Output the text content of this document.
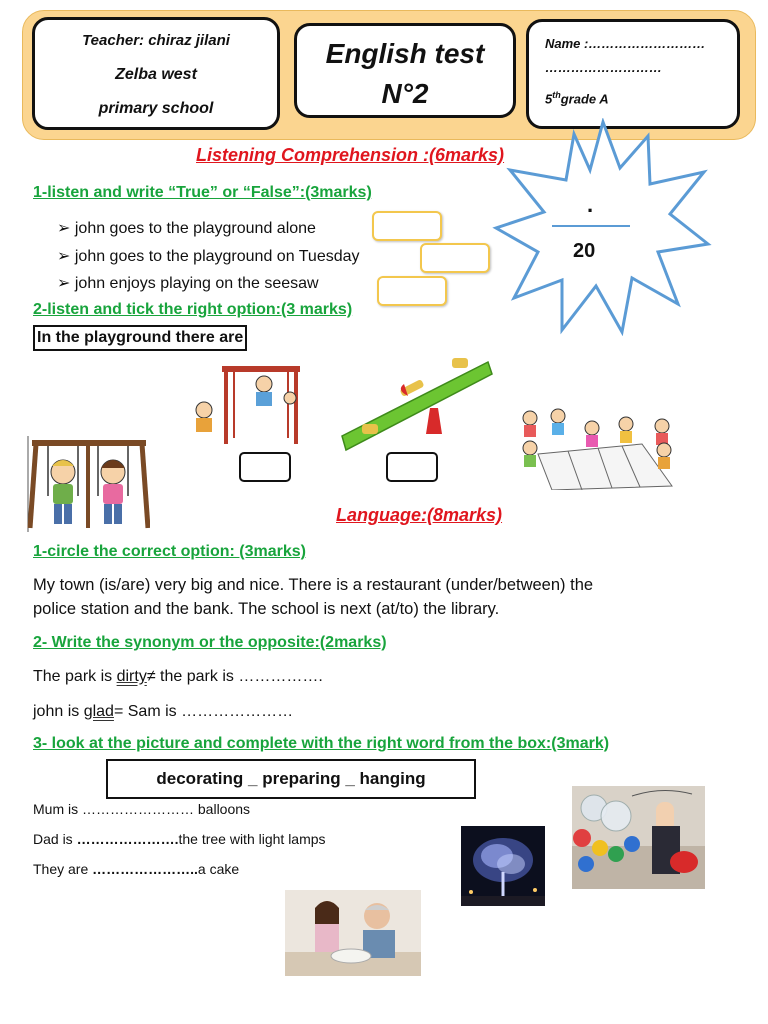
Teacher: chiraz jilani
Zelba west
primary school
English test
N°2
Name :………………………
………………………
5thgrade A
.
20
Listening Comprehension :(6marks)
1-listen and write “True” or “False”:(3marks)
➢ john goes to the playground alone
➢ john goes to the playground on Tuesday
➢ john enjoys playing on the seesaw
2-listen and tick the right option:(3 marks)
In the playground there are
Language:(8marks)
1-circle the correct option: (3marks)
My town (is/are) very big and nice. There is a restaurant (under/between) the
police station and the bank. The school is next (at/to) the library.
2- Write the synonym or the opposite:(2marks)
The park is dirty≠ the park is …………….
john is glad= Sam is …………………
3- look at the picture and complete with the right word from the box:(3mark)
decorating _ preparing _ hanging
Mum is …………………… balloons
Dad is ………………….the tree with light lamps
They are …………………..a cake
